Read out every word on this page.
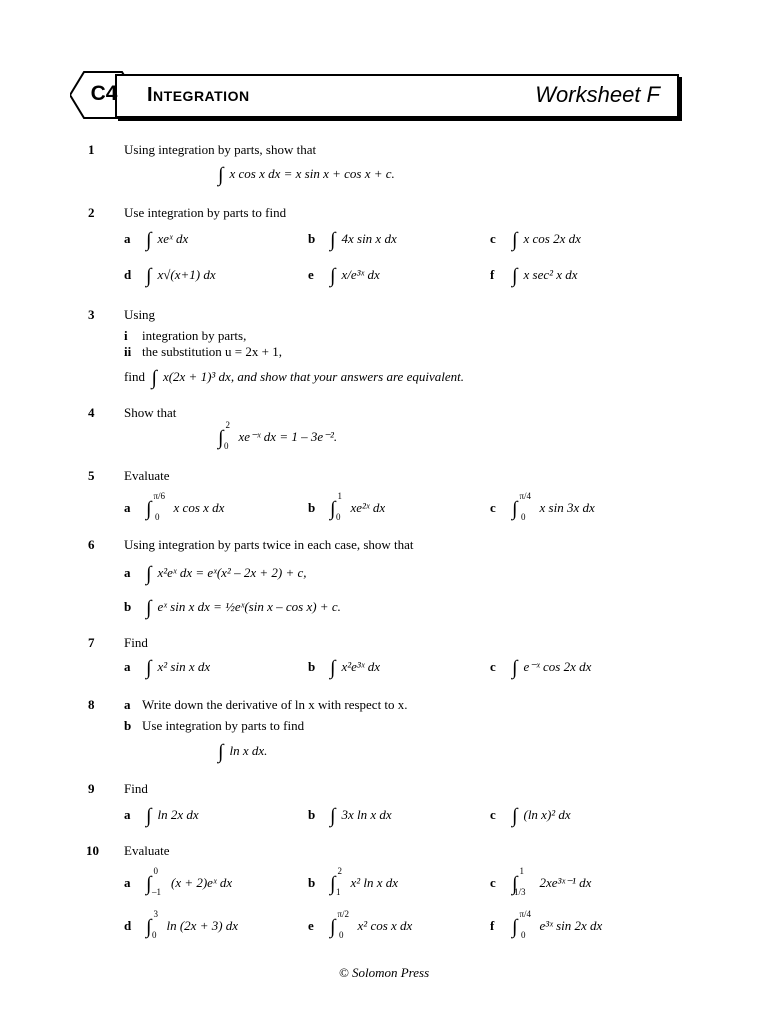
C4	Integration	Worksheet F
1 Using integration by parts, show that
∫ x cos x dx = x sin x + cos x + c.
2 Use integration by parts to find
a ∫ xeˣ dx	b ∫ 4x sin x dx	c ∫ x cos 2x dx
d ∫ x√(x+1) dx	e ∫ x/e³ˣ dx	f ∫ x sec² x dx
3 Using
i integration by parts,
ii the substitution u = 2x + 1,
find ∫ x(2x + 1)³ dx, and show that your answers are equivalent.
4 Show that
∫$^2_0$xe⁻ˣ dx = 1 – 3e⁻².
5 Evaluate
a ∫$^{\pi/6}_0$x cos x dx	b ∫$^1_0$xe²ˣ dx	c ∫$^{\pi/4}_0$x sin 3x dx
6 Using integration by parts twice in each case, show that
a ∫ x²eˣ dx = eˣ(x² – 2x + 2) + c,
b ∫ eˣ sin x dx = ½eˣ(sin x – cos x) + c.
7 Find
a ∫ x² sin x dx	b ∫ x²e³ˣ dx	c ∫ e⁻ˣ cos 2x dx
8 a Write down the derivative of ln x with respect to x.
b Use integration by parts to find
∫ ln x dx.
9 Find
a ∫ ln 2x dx	b ∫ 3x ln x dx	c ∫ (ln x)² dx
10 Evaluate
a ∫$^0_{-1}$(x + 2)eˣ dx	b ∫$^2_1$x² ln x dx	c ∫$^1_{1/3}$2xe³ˣ⁻¹ dx
d ∫$^3_0$ln (2x + 3) dx	e ∫$^{\pi/2}_0$x² cos x dx	f ∫$^{\pi/4}_0$e³ˣ sin 2x dx
© Solomon Press
